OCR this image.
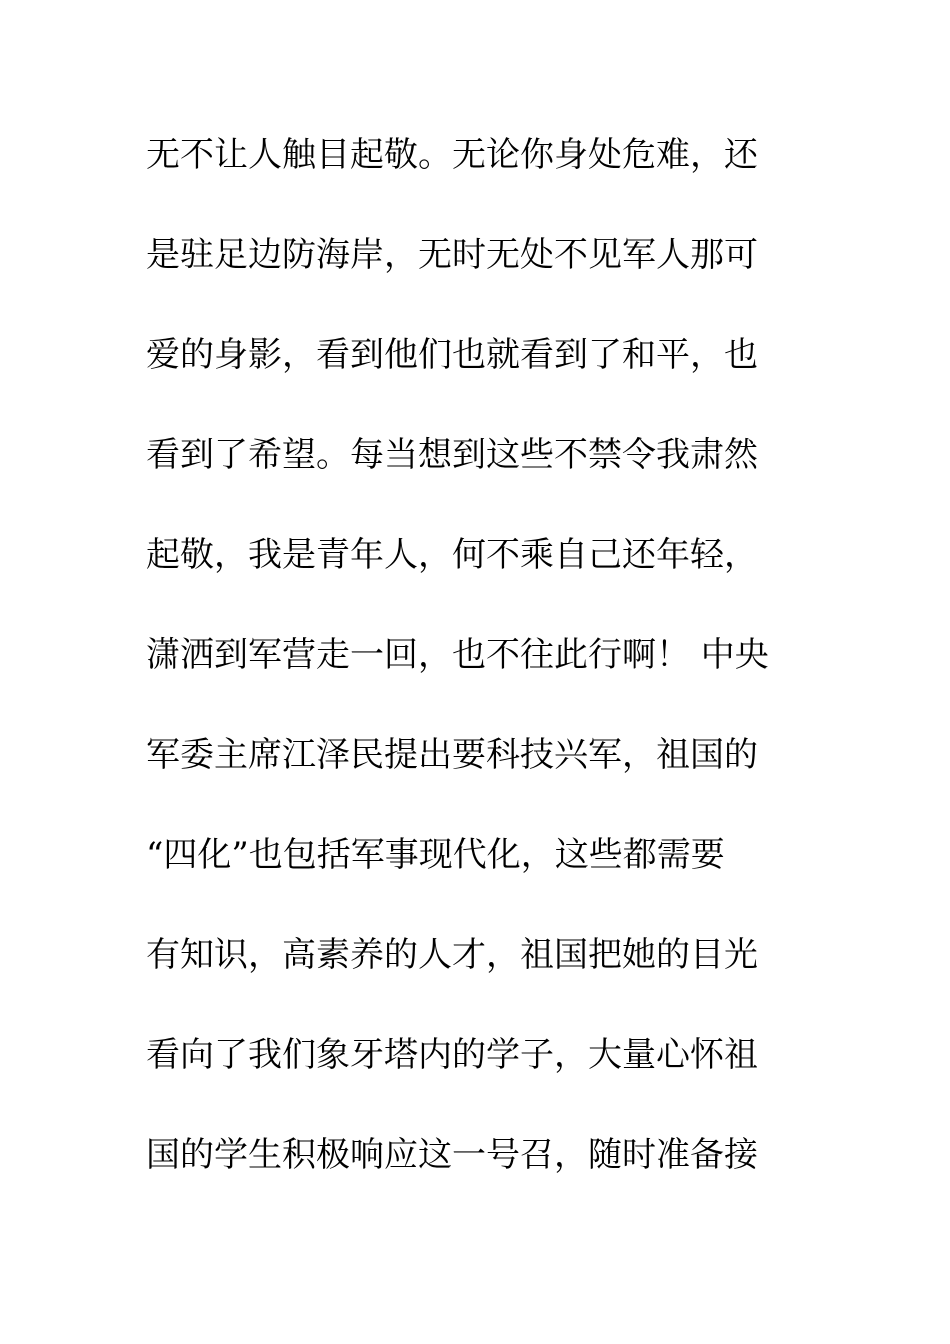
无不让人触目起敬。无论你身处危难，还
是驻足边防海岸，无时无处不见军人那可
爱的身影，看到他们也就看到了和平，也
看到了希望。每当想到这些不禁令我肃然
起敬，我是青年人，何不乘自己还年轻，
潇洒到军营走一回，也不往此行啊！ 中央
军委主席江泽民提出要科技兴军，祖国的
“四化”也包括军事现代化，这些都需要
有知识，高素养的人才，祖国把她的目光
看向了我们象牙塔内的学子，大量心怀祖
国的学生积极响应这一号召，随时准备接
